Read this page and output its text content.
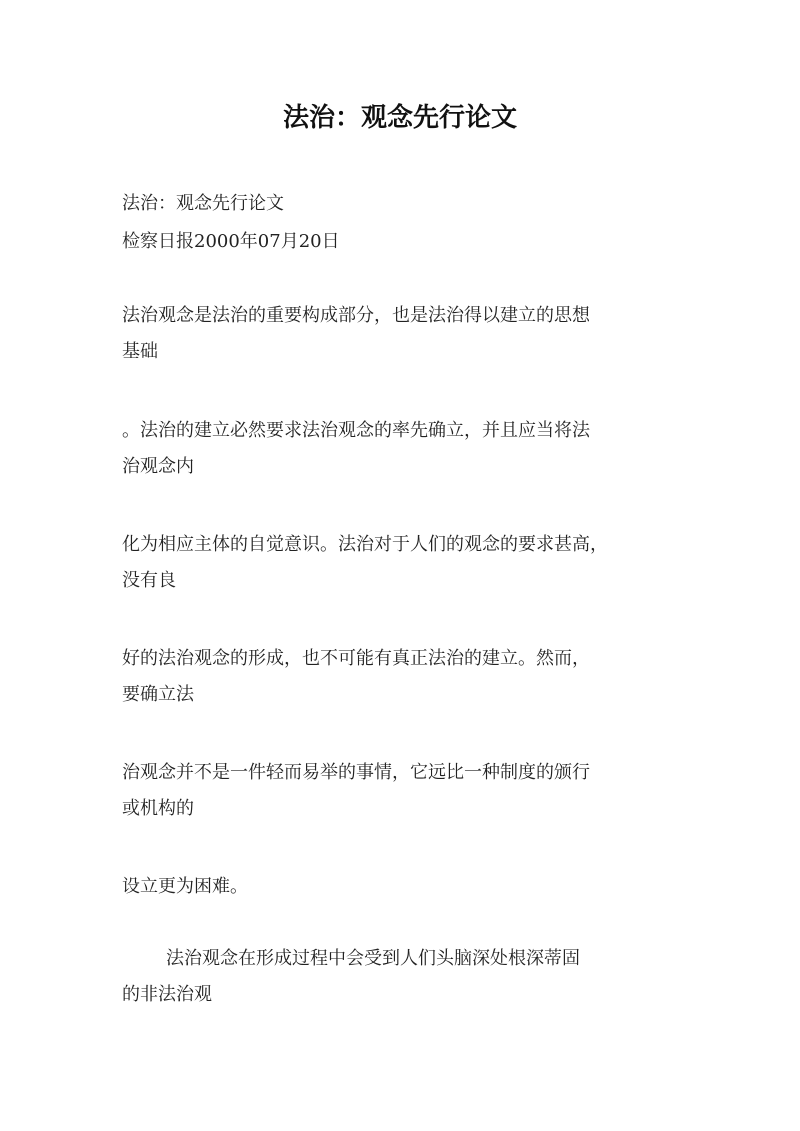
法治：观念先行论文
法治：观念先行论文
检察日报2000年07月20日

法治观念是法治的重要构成部分，也是法治得以建立的思想
基础

。法治的建立必然要求法治观念的率先确立，并且应当将法
治观念内

化为相应主体的自觉意识。法治对于人们的观念的要求甚高，
没有良

好的法治观念的形成，也不可能有真正法治的建立。然而，
要确立法

治观念并不是一件轻而易举的事情，它远比一种制度的颁行
或机构的

设立更为困难。

法治观念在形成过程中会受到人们头脑深处根深蒂固
的非法治观
